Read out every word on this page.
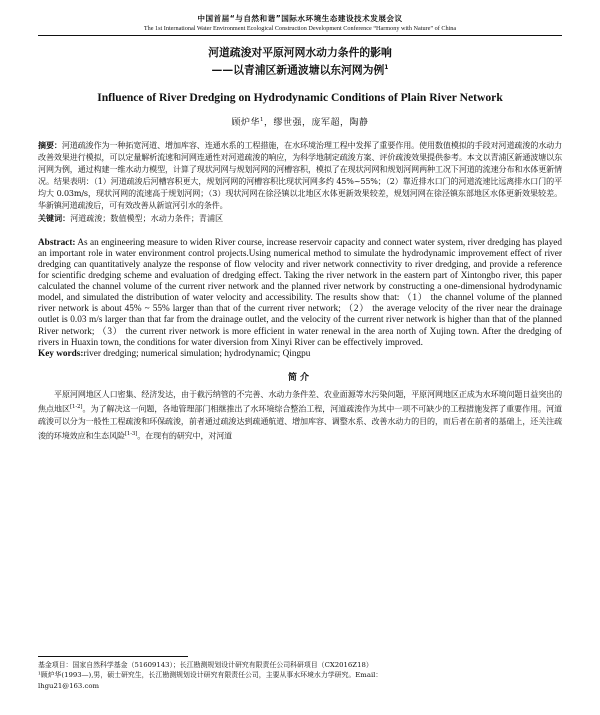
中国首届“与自然和谐”国际水环境生态建设技术发展会议
The 1st International Water Environment Ecological Construction Development Conference “Harmony with Nature” of China
河道疏浚对平原河网水动力条件的影响
——以青浦区新通波塘以东河网为例$^1$
Influence of River Dredging on Hydrodynamic Conditions of Plain River Network
顾炉华$^1$，缪世强，庞军超，陶静
摘要：河道疏浚作为一种拓宽河道、增加库容、连通水系的工程措施，在水环境治理工程中发挥了重要作用。使用数值模拟的手段对河道疏浚的水动力改善效果进行模拟，可以定量解析流速和河网连通性对河道疏浚的响应，为科学地制定疏浚方案、评价疏浚效果提供参考。本文以青浦区新通波塘以东河网为例，通过构建一维水动力模型，计算了现状河网与规划河网的河槽容积，模拟了在现状河网和规划河网两种工况下河道的流速分布和水体更新情况。结果表明：（1）河道疏浚后河槽容积更大，规划河网的河槽容积比现状河网多约 45%~55%；（2）靠近排水口门的河道流速比远离排水口门的平均大 0.03m/s，现状河网的流速高于规划河网；（3）现状河网在徐泾镇以北地区水体更新效果较差，规划河网在徐泾镇东部地区水体更新效果较差。华新镇河道疏浚后，可有效改善从新谊河引水的条件。
关键词：河道疏浚；数值模型；水动力条件；青浦区
Abstract: As an engineering measure to widen River course, increase reservoir capacity and connect water system, river dredging has played an important role in water environment control projects.Using numerical method to simulate the hydrodynamic improvement effect of river dredging can quantitatively analyze the response of flow velocity and river network connectivity to river dredging, and provide a reference for scientific dredging scheme and evaluation of dredging effect. Taking the river network in the eastern part of Xintongbo river, this paper calculated the channel volume of the current river network and the planned river network by constructing a one-dimensional hydrodynamic model, and simulated the distribution of water velocity and accessibility. The results show that: （1） the channel volume of the planned river network is about 45% ~ 55% larger than that of the current river network; （2） the average velocity of the river near the drainage outlet is 0.03 m/s larger than that far from the drainage outlet, and the velocity of the current river network is higher than that of the planned River network; （3） the current river network is more efficient in water renewal in the area north of Xujing town. After the dredging of rivers in Huaxin town, the conditions for water diversion from Xinyi River can be effectively improved.
Key words:river dredging; numerical simulation; hydrodynamic; Qingpu
简介
平原河网地区人口密集、经济发达，由于截污纳管的不完善、水动力条件差、农业面源等水污染问题，平原河网地区正成为水环境问题日益突出的焦点地区[1-2]。为了解决这一问题，各地管理部门相继推出了水环境综合整治工程，河道疏浚作为其中一项不可缺少的工程措施发挥了重要作用。河道疏浚可以分为一般性工程疏浚和环保疏浚，前者通过疏浚达到疏通航道、增加库容、调整水系、改善水动力的目的，而后者在前者的基础上，还关注疏浚的环境效应和生态风险[1-3]。在现有的研究中，对河道

基金项目：国家自然科学基金（51609143）；长江勘测规划设计研究有限责任公司科研项目（CX2016Z18）

¹顾炉华(1993—),男，硕士研究生，长江勘测规划设计研究有限责任公司，主要从事水环境水力学研究。Email：
lhgu21@163.com
